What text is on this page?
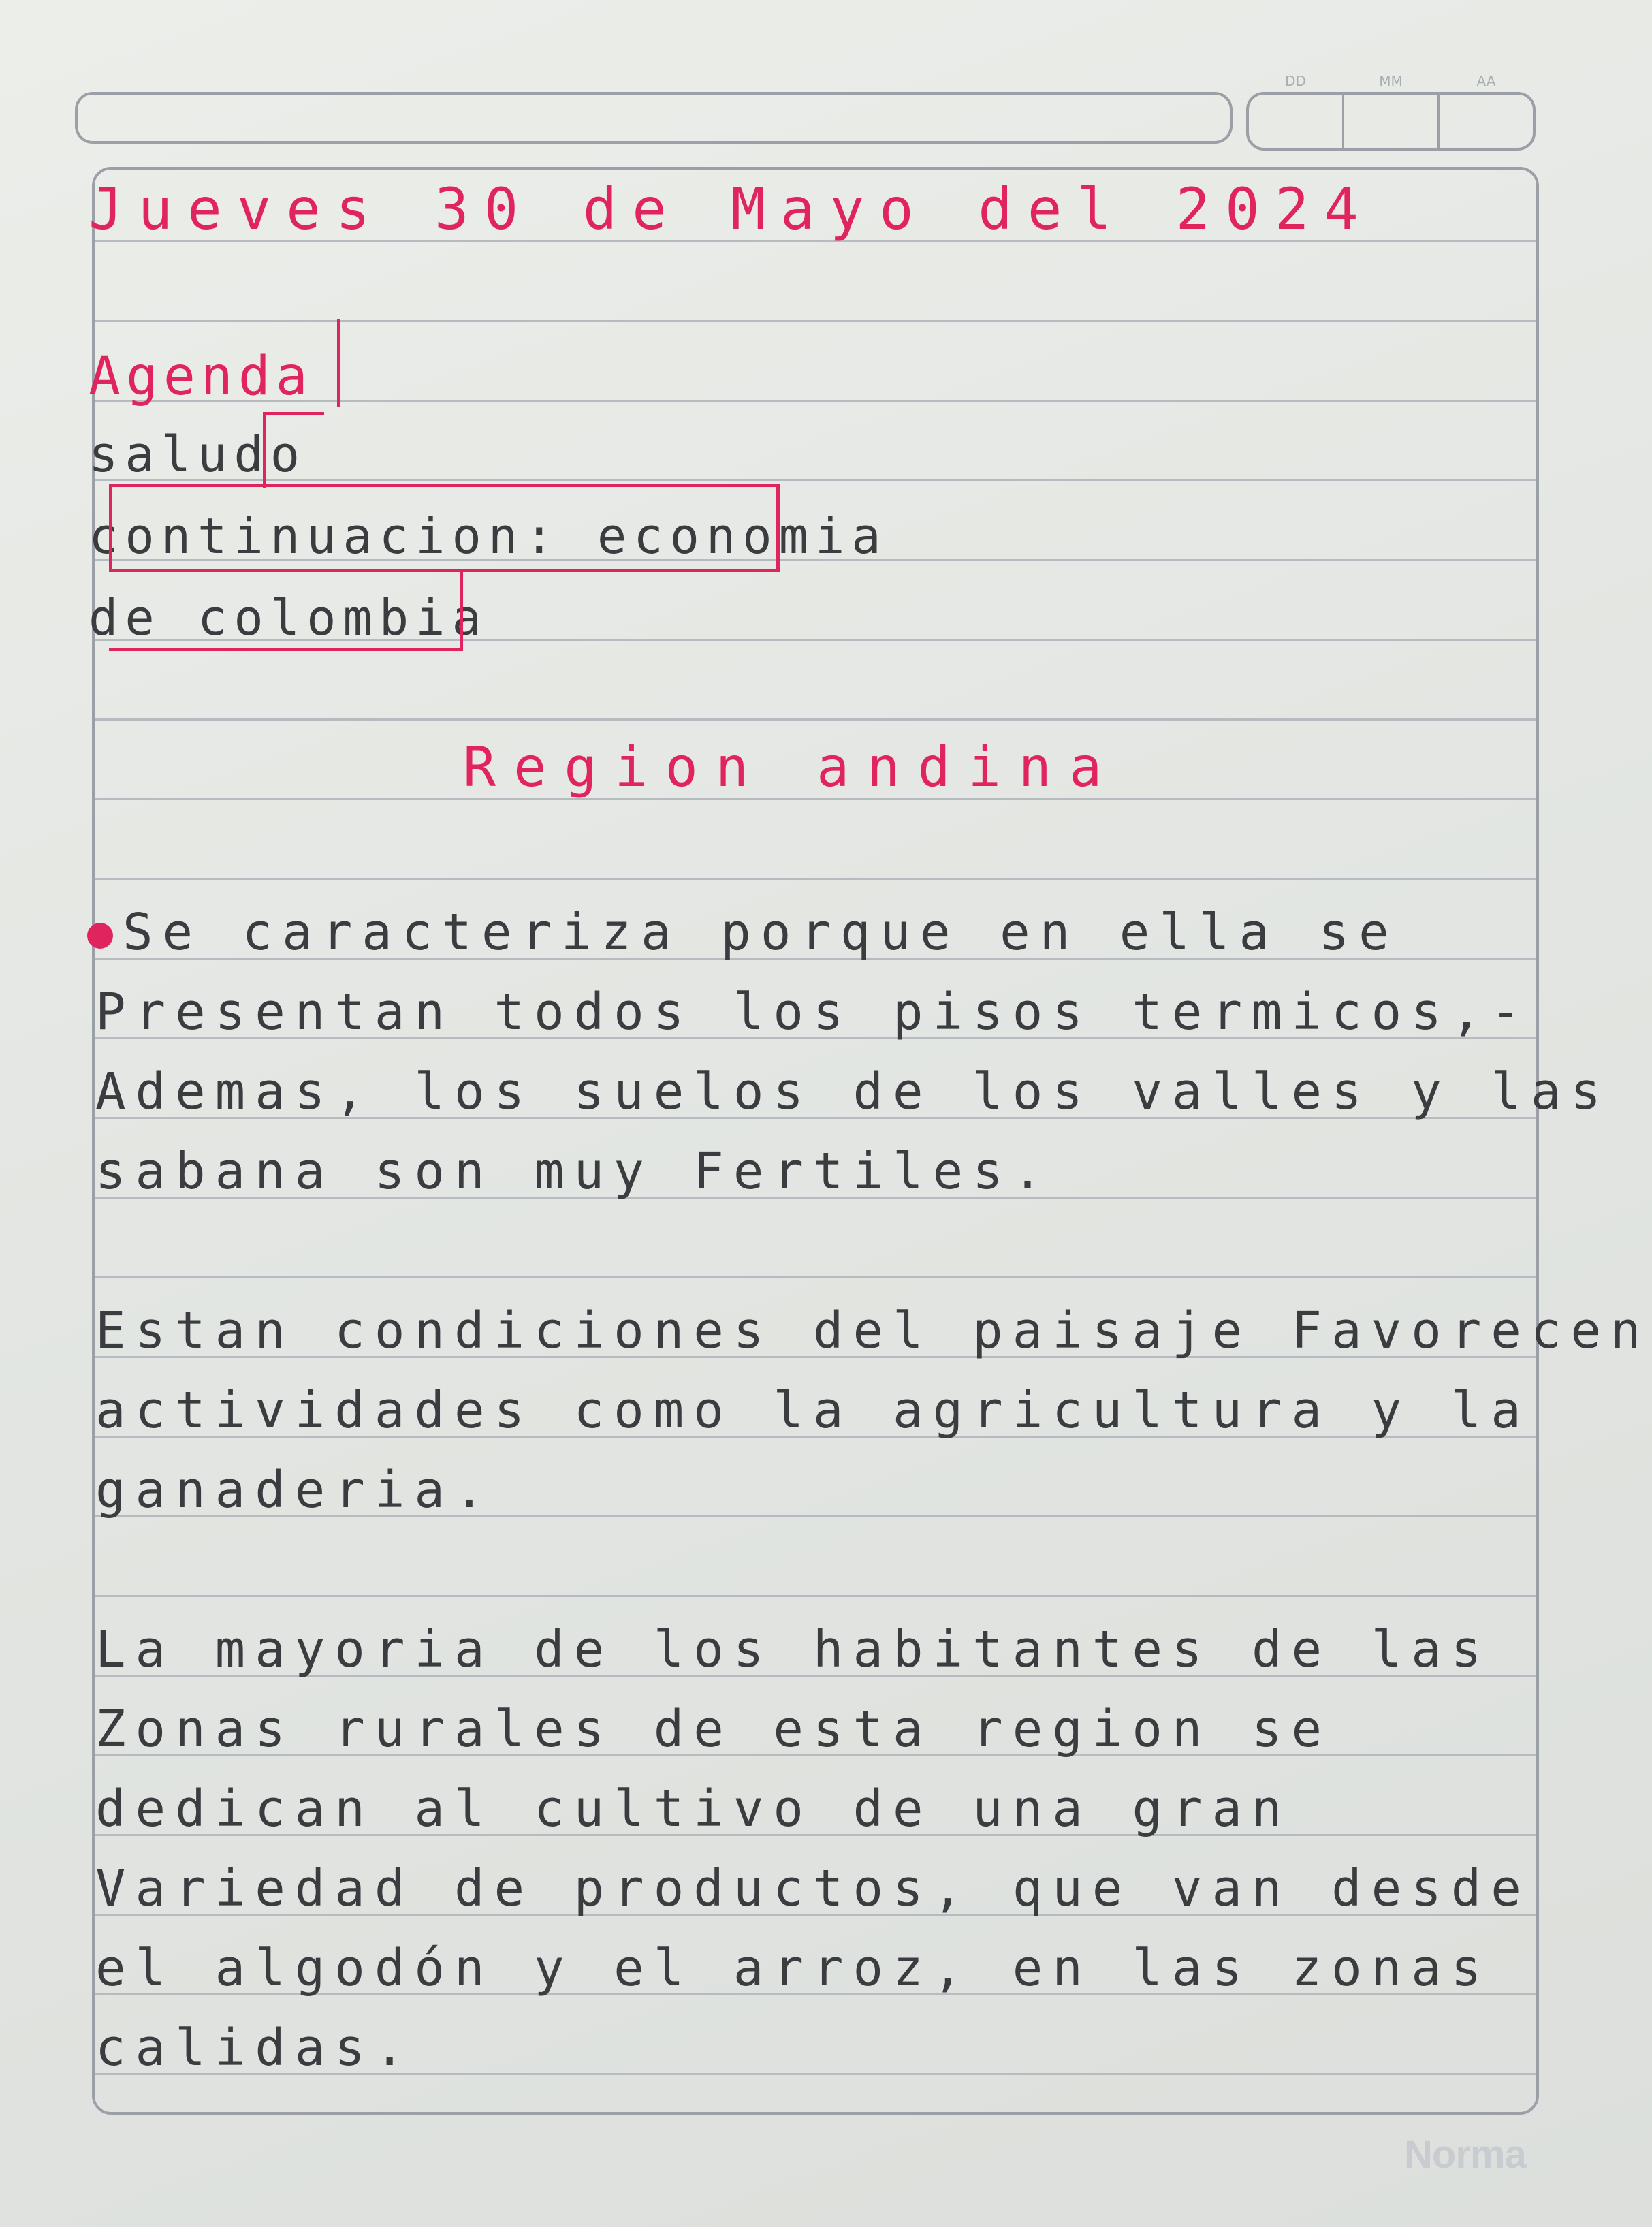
DD	MM	AA
Jueves 30 de Mayo del 2024
Agenda
saludo
continuacion: economia
de colombia
Region andina
Se caracteriza porque en ella se
Presentan todos los pisos termicos,-
Ademas, los suelos de los valles y las
sabana son muy Fertiles.
Estan condiciones del paisaje Favorecen
actividades como la agricultura y la
ganaderia.
La mayoria de los habitantes de las
Zonas rurales de esta region se
dedican al cultivo de una gran
Variedad de productos, que van desde
el algodón y el arroz, en las zonas
calidas.
Norma
